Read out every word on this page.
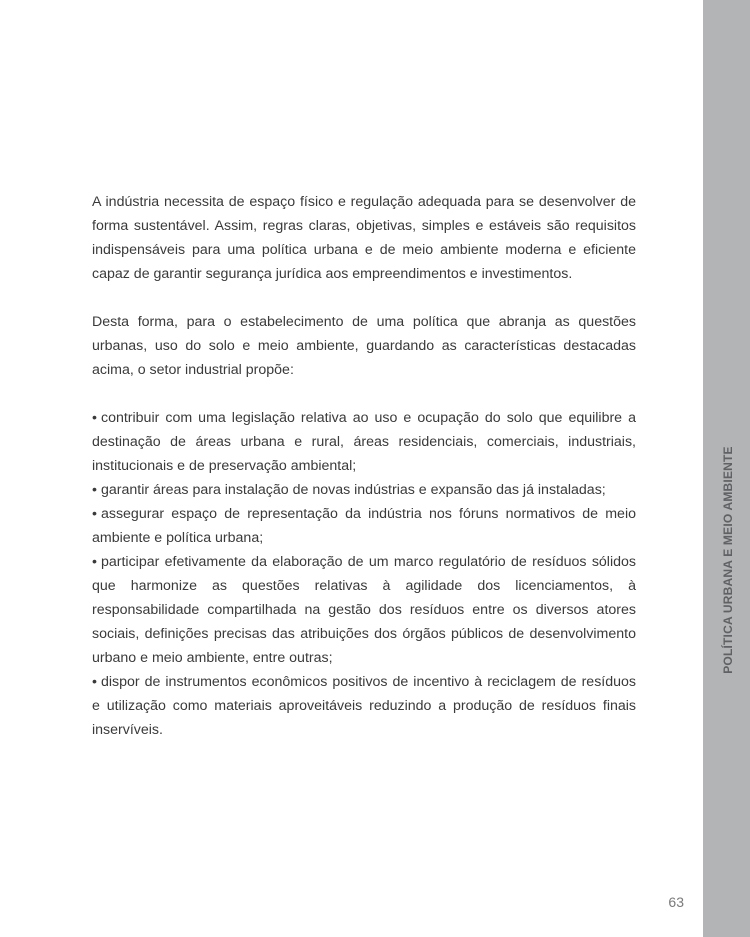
POLÍTICA URBANA E MEIO AMBIENTE

A indústria necessita de espaço físico e regulação adequada para se desenvolver de forma sustentável. Assim, regras claras, objetivas, simples e estáveis são requisitos indispensáveis para uma política urbana e de meio ambiente moderna e eficiente capaz de garantir segurança jurídica aos empreendimentos e investimentos.

Desta forma, para o estabelecimento de uma política que abranja as questões urbanas, uso do solo e meio ambiente, guardando as características destacadas acima, o setor industrial propõe:

• contribuir com uma legislação relativa ao uso e ocupação do solo que equilibre a destinação de áreas urbana e rural, áreas residenciais, comerciais, industriais, institucionais e de preservação ambiental;

• garantir áreas para instalação de novas indústrias e expansão das já instaladas;

• assegurar espaço de representação da indústria nos fóruns normativos de meio ambiente e política urbana;

• participar efetivamente da elaboração de um marco regulatório de resíduos sólidos que harmonize as questões relativas à agilidade dos licenciamentos, à responsabilidade compartilhada na gestão dos resíduos entre os diversos atores sociais, definições precisas das atribuições dos órgãos públicos de desenvolvimento urbano e meio ambiente, entre outras;

• dispor de instrumentos econômicos positivos de incentivo à reciclagem de resíduos e utilização como materiais aproveitáveis reduzindo a produção de resíduos finais inservíveis.

63
